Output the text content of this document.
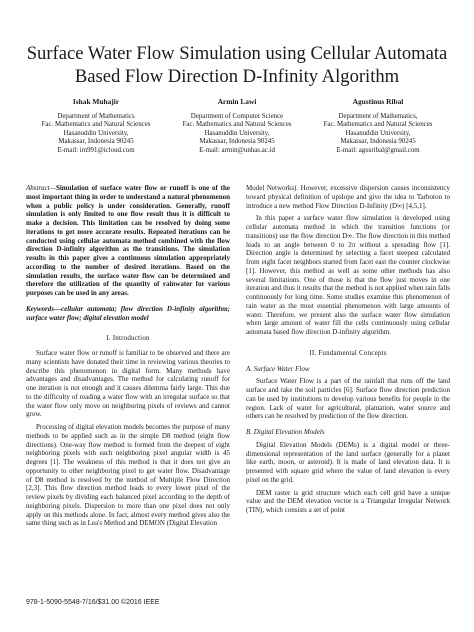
Surface Water Flow Simulation using Cellular Automata Based Flow Direction D-Infinity Algorithm
Ishak Muhajir
Department of Mathematics
Fac. Mathematics and Natural Sciences
Hasanuddin University,
Makassar, Indonesia 90245
E-mail: im991@icloud.com
Armin Lawi
Department of Computer Science
Fac. Mathematics and Natural Sciences
Hasanuddin University,
Makassar, Indonesia 90245
E-mail: armin@unhas.ac.id
Agustinus Ribal
Department of Mathematics,
Fac. Mathematics and Natural Sciences
Hasanuddin University,
Makassar, Indonesia 90245
E-mail: agusribal@gmail.com
Abstract—Simulation of surface water flow or runoff is one of the most important thing in order to understand a natural phenomenon when a public policy is under consideration. Generally, runoff simulation is only limited to one flow result thus it is difficult to make a decision. This limitation can be resolved by doing some iterations to get more accurate results. Repeated iterations can be conducted using cellular automata method combined with the flow direction D-infinity algorithm as the transitions. The simulation results in this paper gives a continuous simulation appropriately according to the number of desired iterations. Based on the simulation results, the surface water flow can be determined and therefore the utilization of the quantity of rainwater for various purposes can be used in any areas.
Keywords—cellular automata; flow direction D-infinity algorithm; surface water flow; digital elevation model
I. Introduction

Surface water flow or runoff is familiar to be observed and there are many scientists have donated their time in reviewing various theories to describe this phenomenon in digital form. Many methods have advantages and disadvantages. The method for calculating runoff for one iteration is not enough and it causes dilemma fairly large. This due to the difficulty of reading a water flow with an irregular surface so that the water flow only move on neighboring pixels of reviews and cannot grow.

Processing of digital elevation models becomes the purpose of many methods to be applied such as in the simple D8 method (eight flow directions). One-way flow method is formed from the deepest of eight neighboring pixels with each neighboring pixel angular width is 45 degrees [1]. The weakness of this method is that it does not give an opportunity to other neighboring pixel to get water flow. Disadvantage of D8 method is resolved by the method of Multiple Flow Direction [2,3]. This flow direction method leads to every lower pixel of the review pixels by dividing each balanced pixel according to the depth of neighboring pixels. Dispersion to more than one pixel does not only apply on this methods alone. In fact, almost every method gives also the same thing such as in Lea's Method and DEMON (Digital Elevation

Model Networks). However, excessive dispersion causes inconsistency toward physical definition of upslope and give the idea to Tarboton to introduce a new method Flow Direction D-Infinity (D∞) [4,5,1].

In this paper a surface water flow simulation is developed using cellular automata method in which the transition functions (or transitions) use the flow direction D∞. The flow direction in this method leads to an angle between 0 to 2π without a spreading flow [1]. Direction angle is determined by selecting a facet steepest calculated from eight facet neighbors started from facet east the counter clockwise [1]. However, this method as well as some other methods has also several limitations. One of those is that the flow just moves in one iteration and thus it results that the method is not applied when rain falls continuously for long time. Some studies examine this phenomenon of rain water as the most essential phenomenon with large amounts of water. Therefore, we present also the surface water flow simulation when large amount of water fill the cells continuously using cellular automata based flow direction D-infinity algorithm.

II. Fundamental Concepts
A. Surface Water Flow

Surface Water Flow is a part of the rainfall that runs off the land surface and take the soil particles [6]. Surface flow direction prediction can be used by institutions to develop various benefits for people in the region. Lack of water for agricultural, plantation, water source and others can be resolved by prediction of the flow direction.

B. Digital Elevation Models

Digital Elevation Models (DEMs) is a digital model or three-dimensional representation of the land surface (generally for a planet like earth, moon, or asteroid). It is made of land elevation data. It is presented with square grid where the value of land elevation is every pixel on the grid.

DEM raster is grid structure which each cell grid have a unique value and the DEM elevation vector is a Triangular Irregular Network (TIN), which consists a set of point

978-1-5090-5548-7/16/$31.00 ©2016 IEEE
